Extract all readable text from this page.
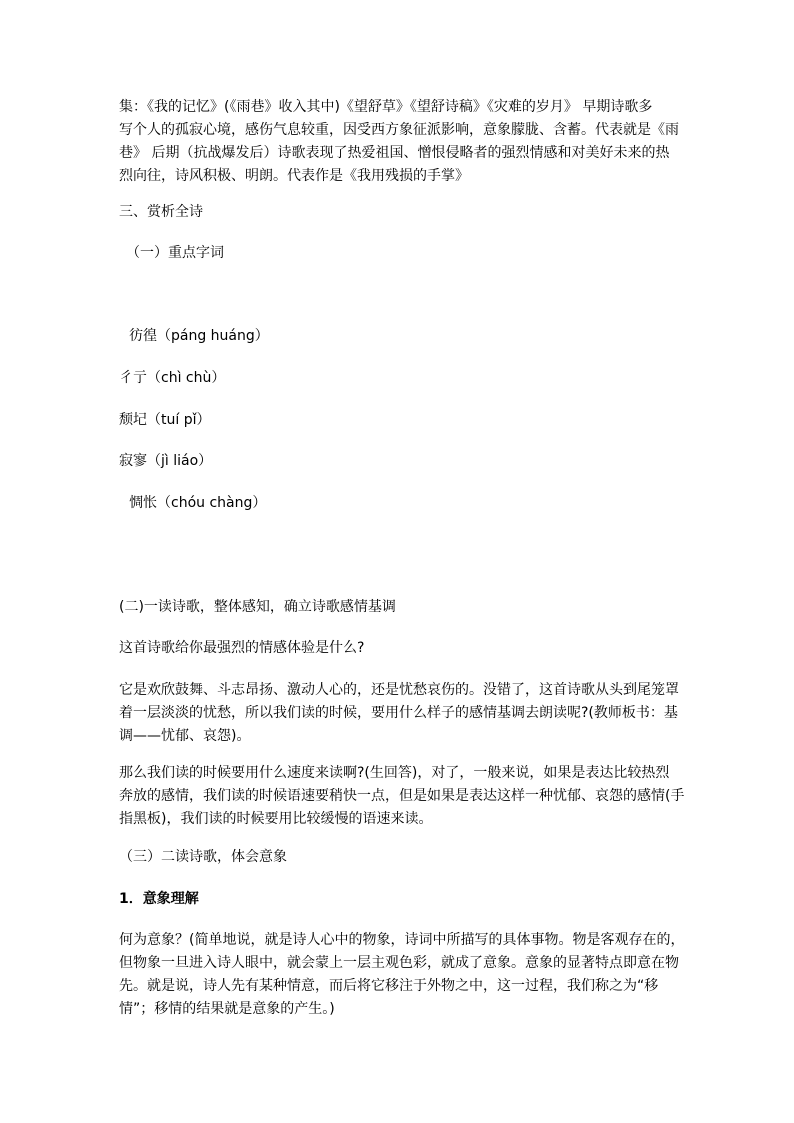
集：《我的记忆》(《雨巷》收入其中)《望舒草》《望舒诗稿》《灾难的岁月》 早期诗歌多
写个人的孤寂心境，感伤气息较重，因受西方象征派影响，意象朦胧、含蓄。代表就是《雨
巷》 后期（抗战爆发后）诗歌表现了热爱祖国、憎恨侵略者的强烈情感和对美好未来的热
烈向往，诗风积极、明朗。代表作是《我用残损的手掌》
三、赏析全诗
（一）重点字词
彷徨（páng huáng）
彳亍（chì chù）
颓圮（tuí pǐ）
寂寥（jì liáo）
惆怅（chóu chàng）
(二)一读诗歌，整体感知，确立诗歌感情基调
这首诗歌给你最强烈的情感体验是什么?
它是欢欣鼓舞、斗志昂扬、激动人心的，还是忧愁哀伤的。没错了，这首诗歌从头到尾笼罩
着一层淡淡的忧愁，所以我们读的时候，要用什么样子的感情基调去朗读呢?(教师板书：基
调——忧郁、哀怨)。
那么我们读的时候要用什么速度来读啊?(生回答)，对了，一般来说，如果是表达比较热烈
奔放的感情，我们读的时候语速要稍快一点，但是如果是表达这样一种忧郁、哀怨的感情(手
指黑板)，我们读的时候要用比较缓慢的语速来读。
（三）二读诗歌，体会意象
1．意象理解
何为意象？(简单地说，就是诗人心中的物象，诗词中所描写的具体事物。物是客观存在的，
但物象一旦进入诗人眼中，就会蒙上一层主观色彩，就成了意象。意象的显著特点即意在物
先。就是说，诗人先有某种情意，而后将它移注于外物之中，这一过程，我们称之为“移
情”；移情的结果就是意象的产生。)
